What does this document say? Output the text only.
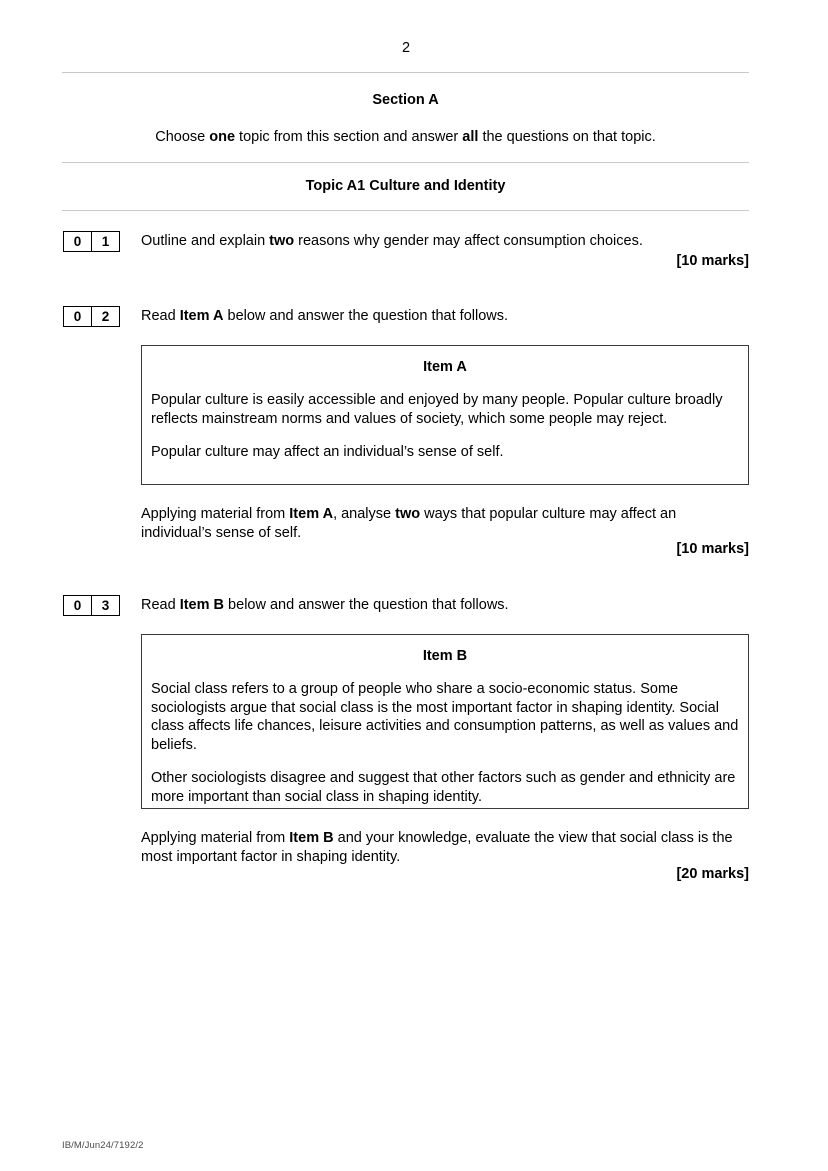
2
Section A
Choose one topic from this section and answer all the questions on that topic.
Topic A1 Culture and Identity
0	1	Outline and explain two reasons why gender may affect consumption choices.
[10 marks]
0	2	Read Item A below and answer the question that follows.
Item A
Popular culture is easily accessible and enjoyed by many people. Popular culture broadly reflects mainstream norms and values of society, which some people may reject.
Popular culture may affect an individual’s sense of self.
Applying material from Item A, analyse two ways that popular culture may affect an individual’s sense of self.
[10 marks]
0	3	Read Item B below and answer the question that follows.
Item B
Social class refers to a group of people who share a socio-economic status. Some sociologists argue that social class is the most important factor in shaping identity. Social class affects life chances, leisure activities and consumption patterns, as well as values and beliefs.
Other sociologists disagree and suggest that other factors such as gender and ethnicity are more important than social class in shaping identity.
Applying material from Item B and your knowledge, evaluate the view that social class is the most important factor in shaping identity.
[20 marks]
IB/M/Jun24/7192/2
